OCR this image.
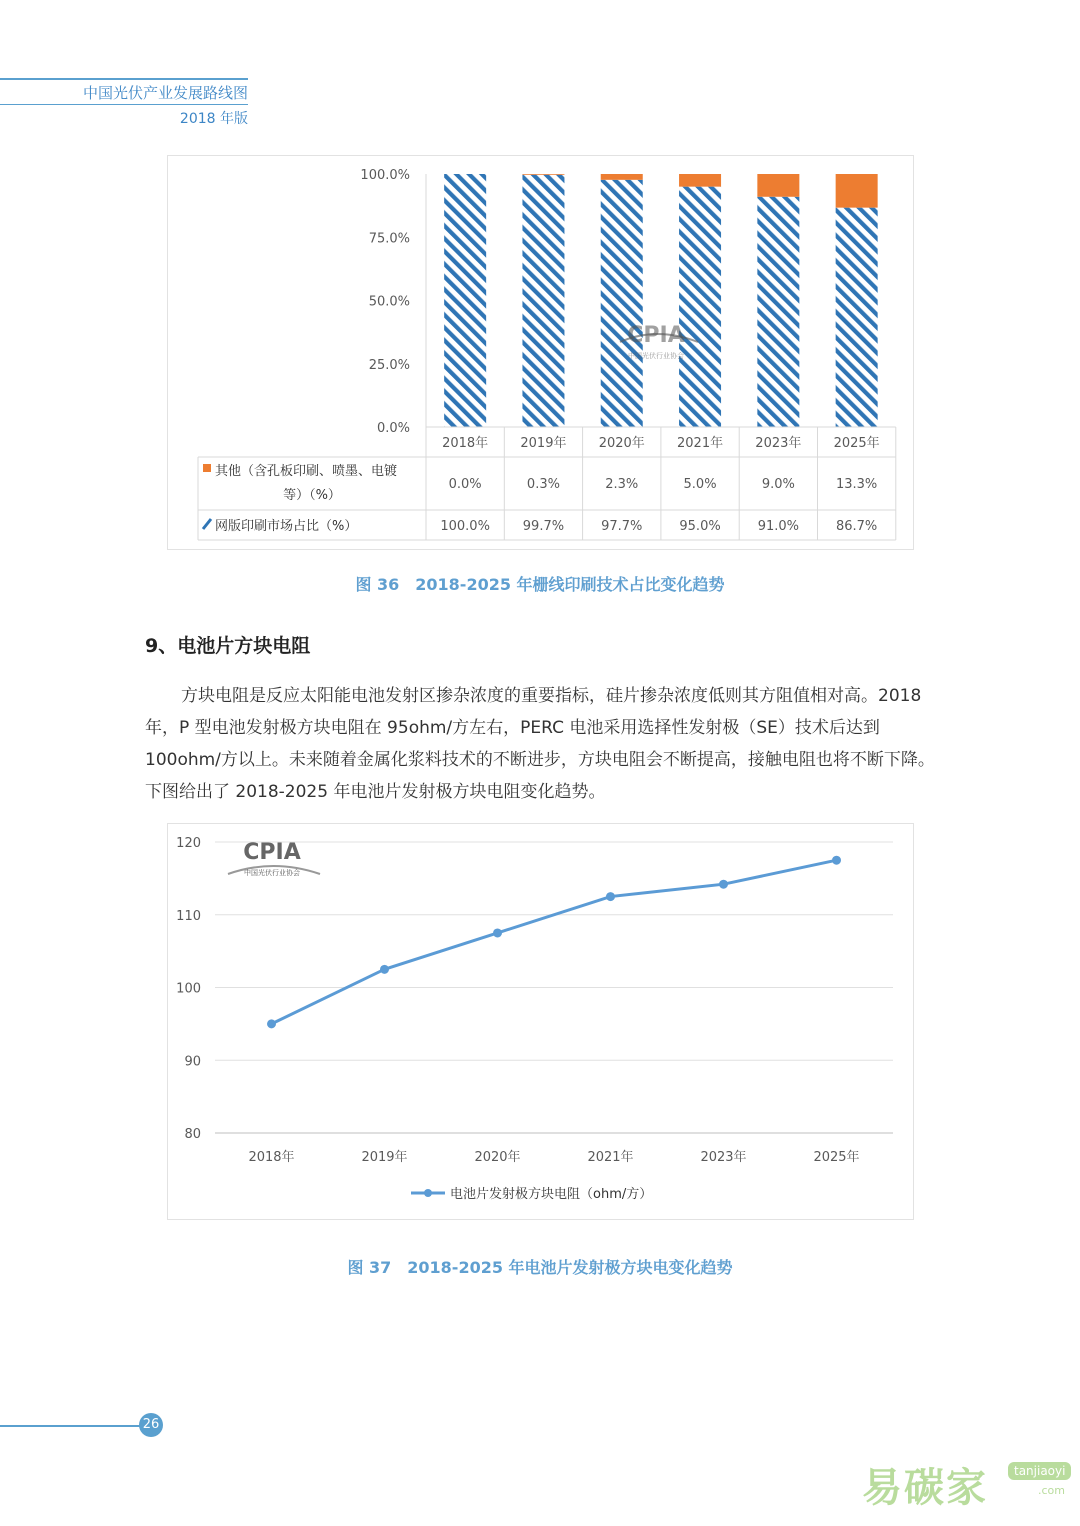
中国光伏产业发展路线图
2018 年版
0.0%
25.0%
50.0%
75.0%
100.0%
2018年 2019年 2020年 2021年 2023年 2025年
其他（含孔板印刷、喷墨、电镀
等）（%）
0.0%	0.3%	2.3%	5.0%	9.0%	13.3%
网版印刷市场占比（%）	100.0%	99.7%	97.7%	95.0%	91.0%	86.7%
CPIA
中国光伏行业协会
图 36　2018-2025 年栅线印刷技术占比变化趋势
9、电池片方块电阻
方块电阻是反应太阳能电池发射区掺杂浓度的重要指标，硅片掺杂浓度低则其方阻值相对高。2018 年，P 型电池发射极方块电阻在 95ohm/方左右，PERC 电池采用选择性发射极（SE）技术后达到 100ohm/方以上。未来随着金属化浆料技术的不断进步，方块电阻会不断提高，接触电阻也将不断下降。下图给出了 2018-2025 年电池片发射极方块电阻变化趋势。
80
90
100
110
120
2018年	2019年	2020年	2021年	2023年	2025年
电池片发射极方块电阻（ohm/方）
CPIA
中国光伏行业协会
图 37　2018-2025 年电池片发射极方块电变化趋势
26
易碳家	tanjiaoyi
.com
